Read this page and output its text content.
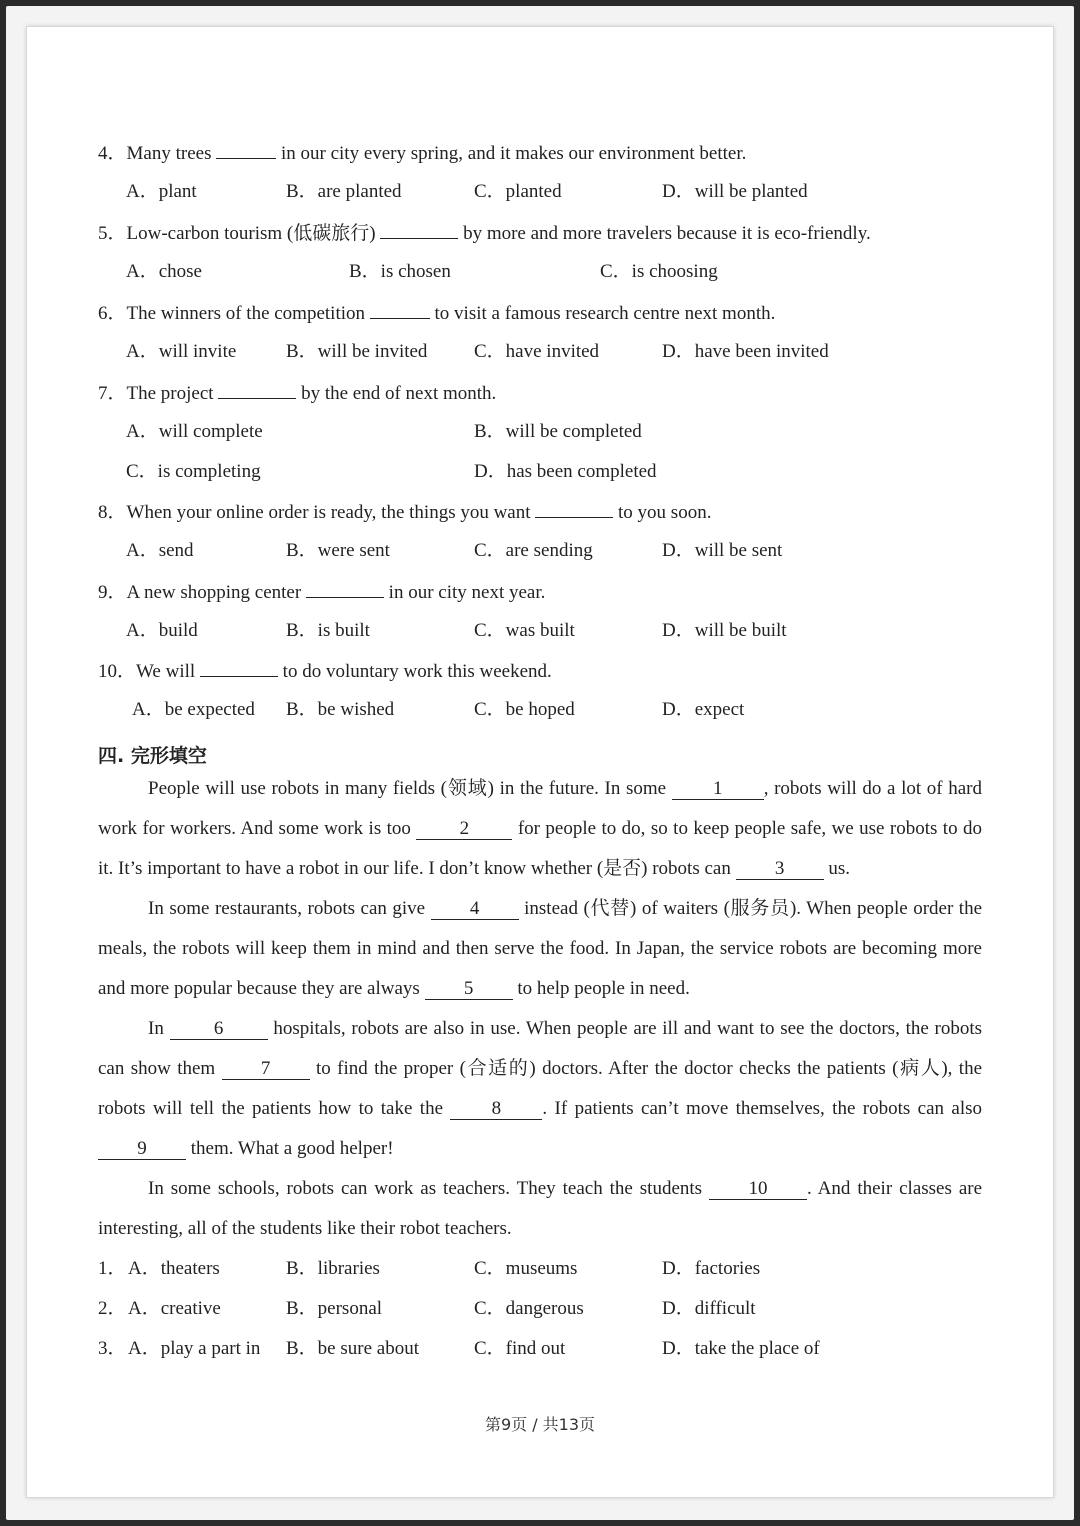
4．Many trees	in our city every spring, and it makes our environment better.
A．plant	B．are planted	C．planted	D．will be planted
5．Low-carbon tourism (低碳旅行)	by more and more travelers because it is eco-friendly.
A．chose	B．is chosen	C．is choosing
6．The winners of the competition	to visit a famous research centre next month.
A．will invite	B．will be invited C．have invited	D．have been invited
7．The project	by the end of next month.
A．will complete	B．will be completed
C．is completing	D．has been completed
8．When your online order is ready, the things you want	to you soon.
A．send	B．were sent	C．are sending	D．will be sent
9．A new shopping center	in our city next year.
A．build	B．is built	C．was built	D．will be built
10．We will	to do voluntary work this weekend.
A．be expected B．be wished	C．be hoped	D．expect
四. 完形填空
People will use robots in many fields (领域) in the future. In some 1 , robots will do a lot of hard work for workers. And some work is too	2	for people to do, so to keep people safe, we use robots to do it. It’s important to have a robot in our life. I don’t know whether (是否) robots can 3 us.
In some restaurants, robots can give 4 instead (代替) of waiters (服务员). When people order the meals, the robots will keep them in mind and then serve the food. In Japan, the service robots are becoming more and more popular because they are always 5 to help people in need.
In	6	hospitals, robots are also in use. When people are ill and want to see the doctors, the robots can show them 7 to find the proper (合适的) doctors. After the doctor checks the patients (病人), the robots will tell the patients how to take the	8 . If patients can’t move themselves, the robots can also 9 them. What a good helper!
In some schools, robots can work as teachers. They teach the students 10 . And their classes are interesting, all of the students like their robot teachers.
1． A．theaters	B．libraries	C．museums	D．factories
2． A．creative	B．personal	C．dangerous	D．difficult
3． A．play a part in B．be sure about	C．find out	D．take the place of
第9页 / 共13页
